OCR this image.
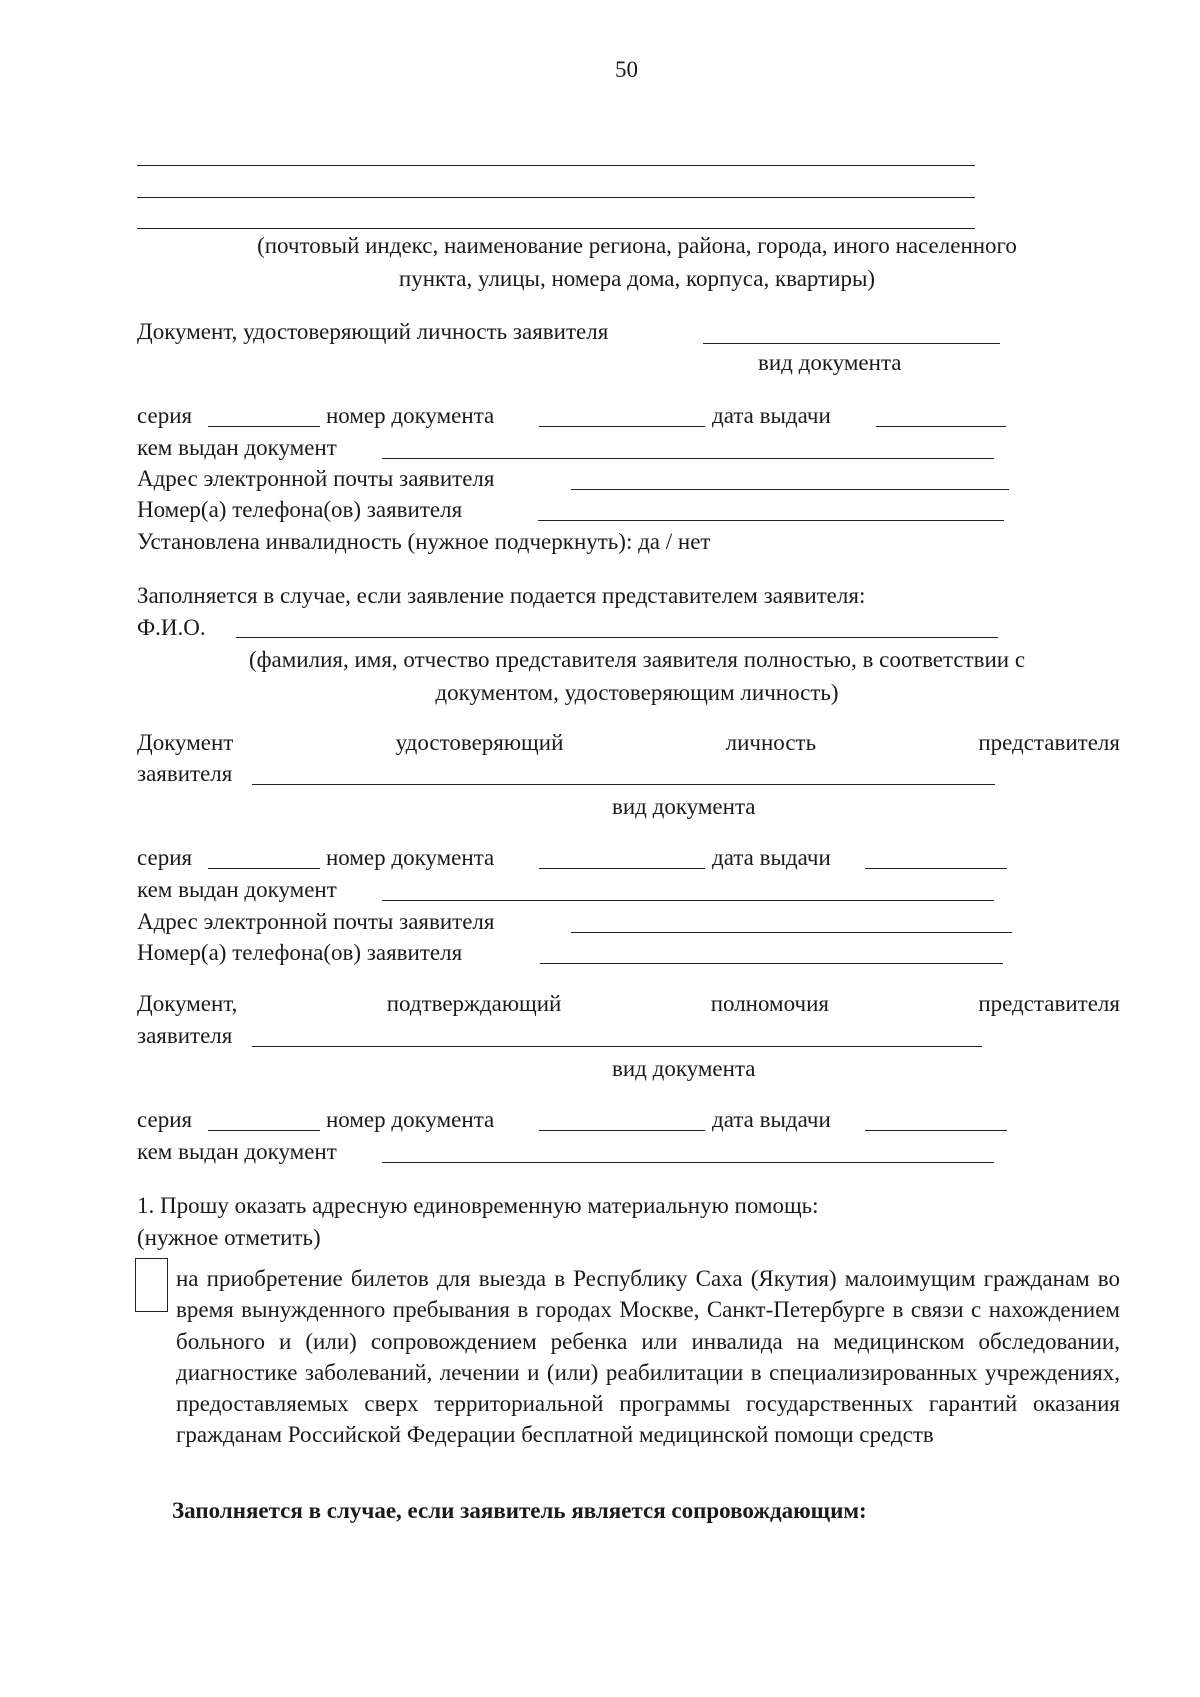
50
(почтовый индекс, наименование региона, района, города, иного населенного
пункта, улицы, номера дома, корпуса, квартиры)
Документ, удостоверяющий личность заявителя
вид документа
серия	номер документа	дата выдачи
кем выдан документ
Адрес электронной почты заявителя
Номер(а) телефона(ов) заявителя
Установлена инвалидность (нужное подчеркнуть): да / нет
Заполняется в случае, если заявление подается представителем заявителя:
Ф.И.О.
(фамилия, имя, отчество представителя заявителя полностью, в соответствии с
документом, удостоверяющим личность)
Документ	удостоверяющий	личность	представителя
заявителя
вид документа
серия	номер документа	дата выдачи
кем выдан документ
Адрес электронной почты заявителя
Номер(а) телефона(ов) заявителя
Документ,	подтверждающий	полномочия	представителя
заявителя
вид документа
серия	номер документа	дата выдачи
кем выдан документ
1. Прошу оказать адресную единовременную материальную помощь:
(нужное отметить)
на приобретение билетов для выезда в Республику Саха (Якутия) малоимущим гражданам во время вынужденного пребывания в городах Москве, Санкт-Петербурге в связи с нахождением больного и (или) сопровождением ребенка или инвалида на медицинском обследовании, диагностике заболеваний, лечении и (или) реабилитации в специализированных учреждениях, предоставляемых сверх территориальной программы государственных гарантий оказания гражданам Российской Федерации бесплатной медицинской помощи средств
Заполняется в случае, если заявитель является сопровождающим:
